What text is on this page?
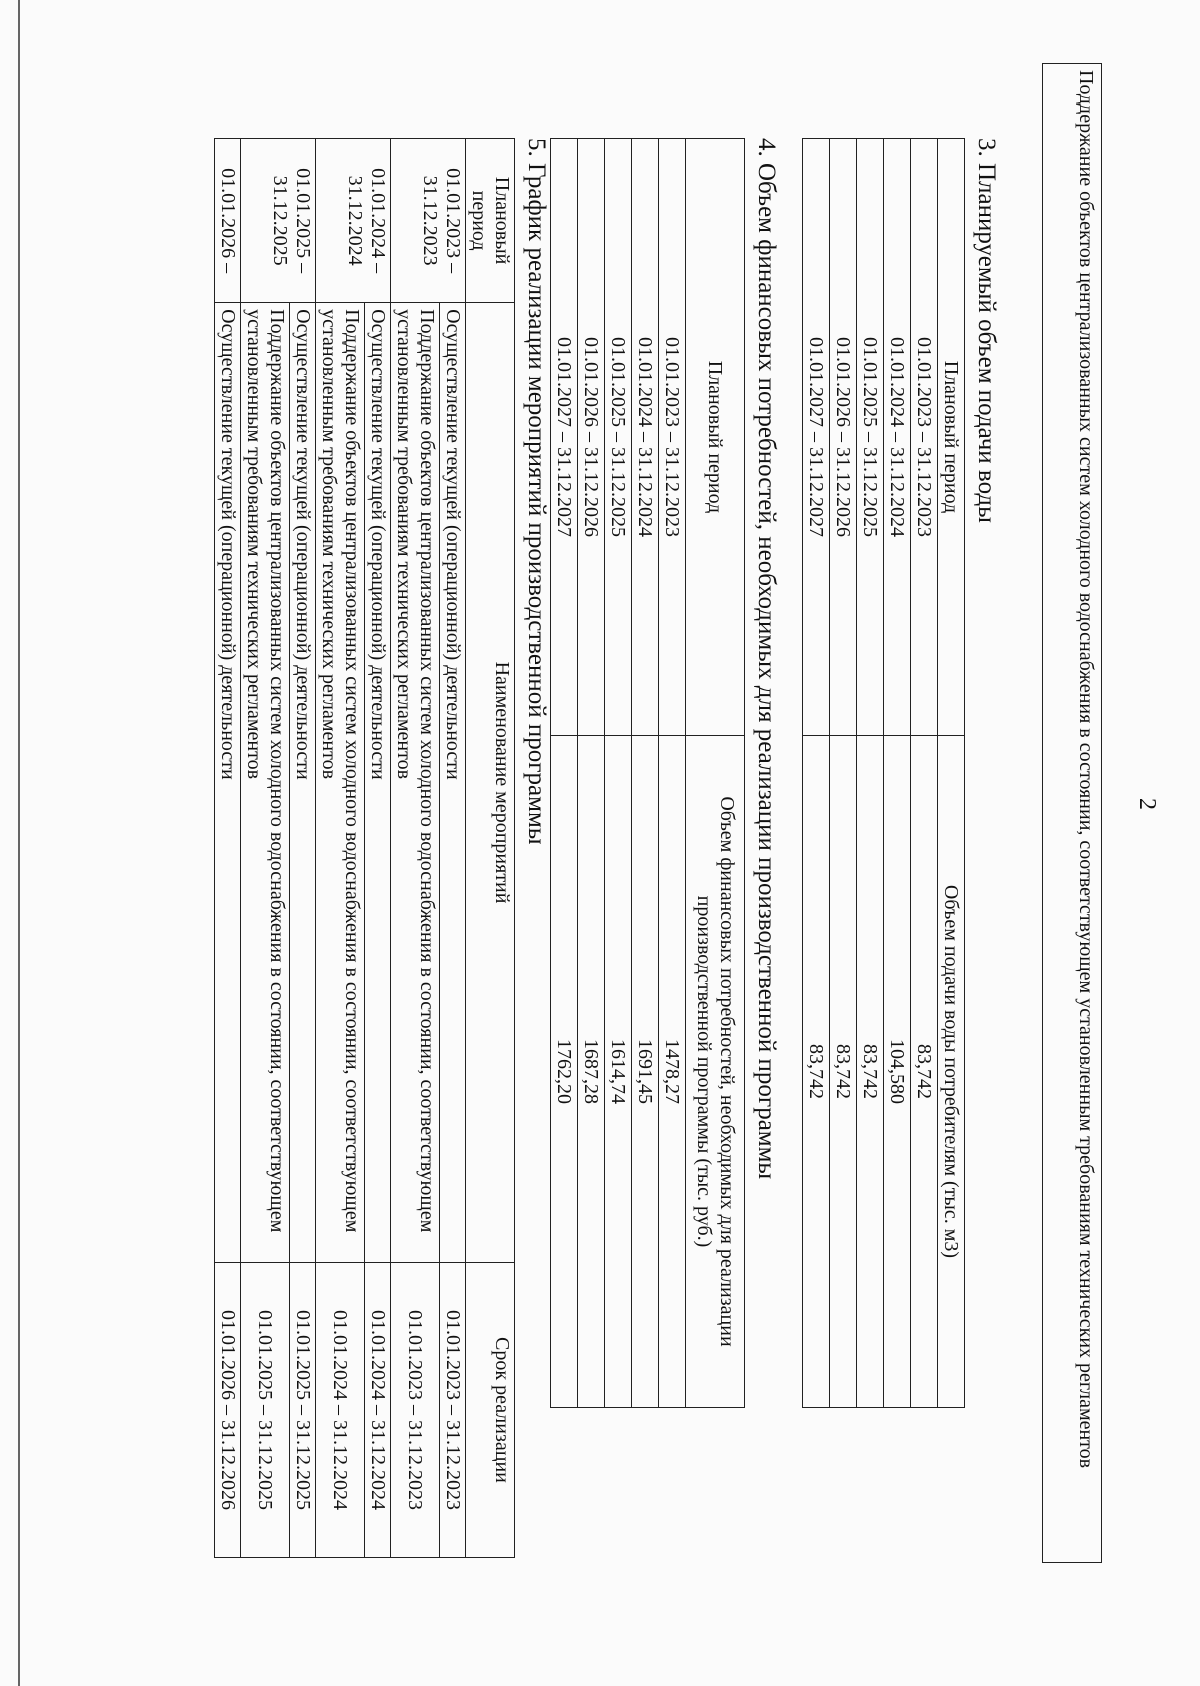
2
Поддержание объектов централизованных систем холодного водоснабжения в состоянии, соответствующем установленным требованиям технических регламентов
3. Планируемый объем подачи воды
Плановый период	Объем подачи воды потребителям (тыс. м3)
01.01.2023 – 31.12.2023	83,742
01.01.2024 – 31.12.2024	104,580
01.01.2025 – 31.12.2025	83,742
01.01.2026 – 31.12.2026	83,742
01.01.2027 – 31.12.2027	83,742
4. Объем финансовых потребностей, необходимых для реализации производственной программы
Плановый период	Объем финансовых потребностей, необходимых для реализации производственной программы (тыс. руб.)
01.01.2023 – 31.12.2023	1478,27
01.01.2024 – 31.12.2024	1691,45
01.01.2025 – 31.12.2025	1614,74
01.01.2026 – 31.12.2026	1687,28
01.01.2027 – 31.12.2027	1762,20
5. График реализации мероприятий производственной программы
Плановый период	Наименование мероприятий	Срок реализации
01.01.2023 – 31.12.2023	Осуществление текущей (операционной) деятельности	01.01.2023 – 31.12.2023
	Поддержание объектов централизованных систем холодного водоснабжения в состоянии, соответствующем установленным требованиям технических регламентов	01.01.2023 – 31.12.2023
01.01.2024 – 31.12.2024	Осуществление текущей (операционной) деятельности	01.01.2024 – 31.12.2024
	Поддержание объектов централизованных систем холодного водоснабжения в состоянии, соответствующем установленным требованиям технических регламентов	01.01.2024 – 31.12.2024
01.01.2025 – 31.12.2025	Осуществление текущей (операционной) деятельности	01.01.2025 – 31.12.2025
	Поддержание объектов централизованных систем холодного водоснабжения в состоянии, соответствующем установленным требованиям технических регламентов	01.01.2025 – 31.12.2025
01.01.2026 –	Осуществление текущей (операционной) деятельности	01.01.2026 – 31.12.2026
